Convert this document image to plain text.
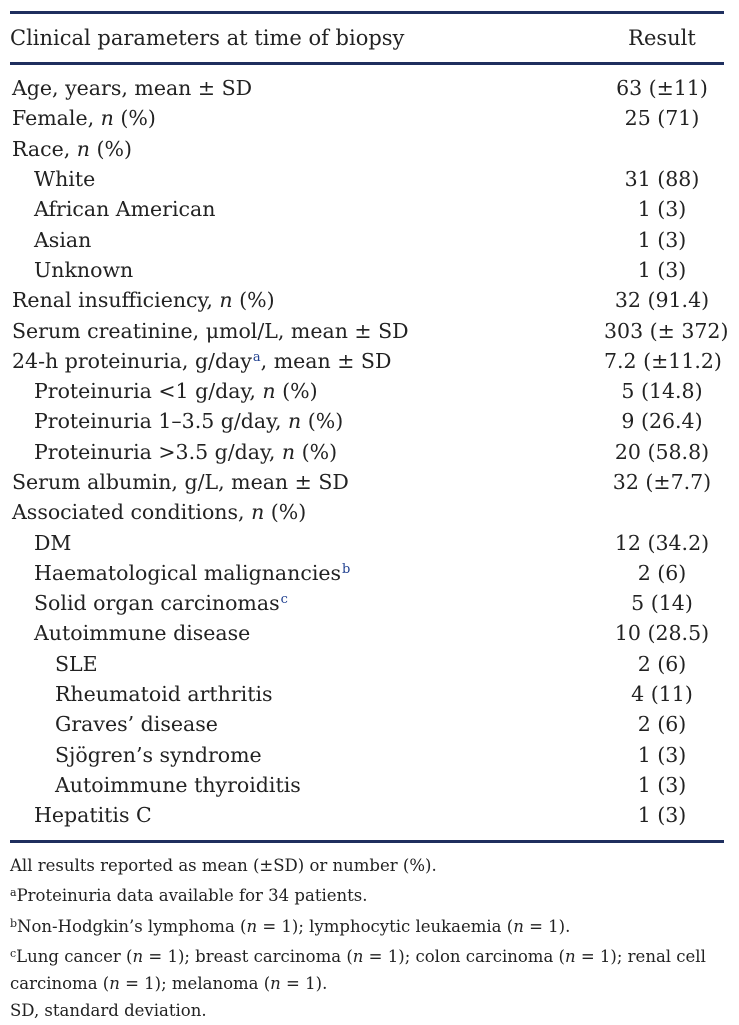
Clinical parameters at time of biopsy	Result
Age, years, mean ± SD	63 (±11)
Female, n (%)	25 (71)
Race, n (%)
White	31 (88)
African American	1 (3)
Asian	1 (3)
Unknown	1 (3)
Renal insufficiency, n (%)	32 (91.4)
Serum creatinine, μmol/L, mean ± SD	303 (± 372)
24-h proteinuria, g/day$^a$, mean ± SD	7.2 (±11.2)
Proteinuria <1 g/day, n (%)	5 (14.8)
Proteinuria 1–3.5 g/day, n (%)	9 (26.4)
Proteinuria >3.5 g/day, n (%)	20 (58.8)
Serum albumin, g/L, mean ± SD	32 (±7.7)
Associated conditions, n (%)
DM	12 (34.2)
Haematological malignancies$^b$	2 (6)
Solid organ carcinomas$^c$	5 (14)
Autoimmune disease	10 (28.5)
SLE	2 (6)
Rheumatoid arthritis	4 (11)
Graves’ disease	2 (6)
Sjögren’s syndrome	1 (3)
Autoimmune thyroiditis	1 (3)
Hepatitis C	1 (3)
All results reported as mean (±SD) or number (%).
$^a$Proteinuria data available for 34 patients.
$^b$Non-Hodgkin’s lymphoma (n = 1); lymphocytic leukaemia (n = 1).
$^c$Lung cancer (n = 1); breast carcinoma (n = 1); colon carcinoma (n = 1); renal cell carcinoma (n = 1); melanoma (n = 1).
SD, standard deviation.
